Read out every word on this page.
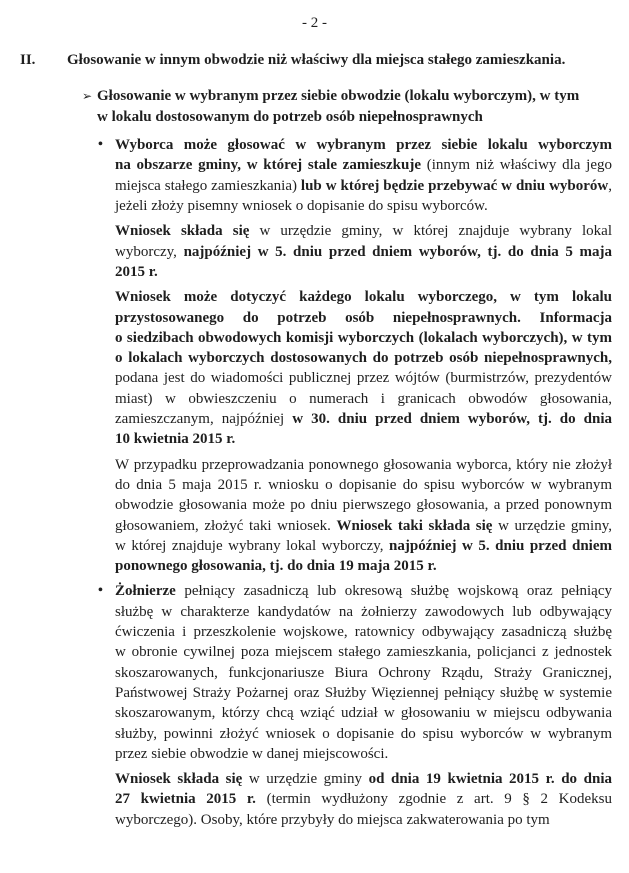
- 2 -
II.	Głosowanie w innym obwodzie niż właściwy dla miejsca stałego zamieszkania.
➢ Głosowanie w wybranym przez siebie obwodzie (lokalu wyborczym), w tym w lokalu dostosowanym do potrzeb osób niepełnosprawnych
• Wyborca może głosować w wybranym przez siebie lokalu wyborczym na obszarze gminy, w której stale zamieszkuje (innym niż właściwy dla jego miejsca stałego zamieszkania) lub w której będzie przebywać w dniu wyborów, jeżeli złoży pisemny wniosek o dopisanie do spisu wyborców.

Wniosek składa się w urzędzie gminy, w której znajduje wybrany lokal wyborczy, najpóźniej w 5. dniu przed dniem wyborów, tj. do dnia 5 maja 2015 r.

Wniosek może dotyczyć każdego lokalu wyborczego, w tym lokalu przystosowanego do potrzeb osób niepełnosprawnych. Informacja o siedzibach obwodowych komisji wyborczych (lokalach wyborczych), w tym o lokalach wyborczych dostosowanych do potrzeb osób niepełnosprawnych, podana jest do wiadomości publicznej przez wójtów (burmistrzów, prezydentów miast) w obwieszczeniu o numerach i granicach obwodów głosowania, zamieszczanym, najpóźniej w 30. dniu przed dniem wyborów, tj. do dnia 10 kwietnia 2015 r.

W przypadku przeprowadzania ponownego głosowania wyborca, który nie złożył do dnia 5 maja 2015 r. wniosku o dopisanie do spisu wyborców w wybranym obwodzie głosowania może po dniu pierwszego głosowania, a przed ponownym głosowaniem, złożyć taki wniosek. Wniosek taki składa się w urzędzie gminy, w której znajduje wybrany lokal wyborczy, najpóźniej w 5. dniu przed dniem ponownego głosowania, tj. do dnia 19 maja 2015 r.

• Żołnierze pełniący zasadniczą lub okresową służbę wojskową oraz pełniący służbę w charakterze kandydatów na żołnierzy zawodowych lub odbywający ćwiczenia i przeszkolenie wojskowe, ratownicy odbywający zasadniczą służbę w obronie cywilnej poza miejscem stałego zamieszkania, policjanci z jednostek skoszarowanych, funkcjonariusze Biura Ochrony Rządu, Straży Granicznej, Państwowej Straży Pożarnej oraz Służby Więziennej pełniący służbę w systemie skoszarowanym, którzy chcą wziąć udział w głosowaniu w miejscu odbywania służby, powinni złożyć wniosek o dopisanie do spisu wyborców w wybranym przez siebie obwodzie w danej miejscowości.

Wniosek składa się w urzędzie gminy od dnia 19 kwietnia 2015 r. do dnia 27 kwietnia 2015 r. (termin wydłużony zgodnie z art. 9 § 2 Kodeksu wyborczego). Osoby, które przybyły do miejsca zakwaterowania po tym
